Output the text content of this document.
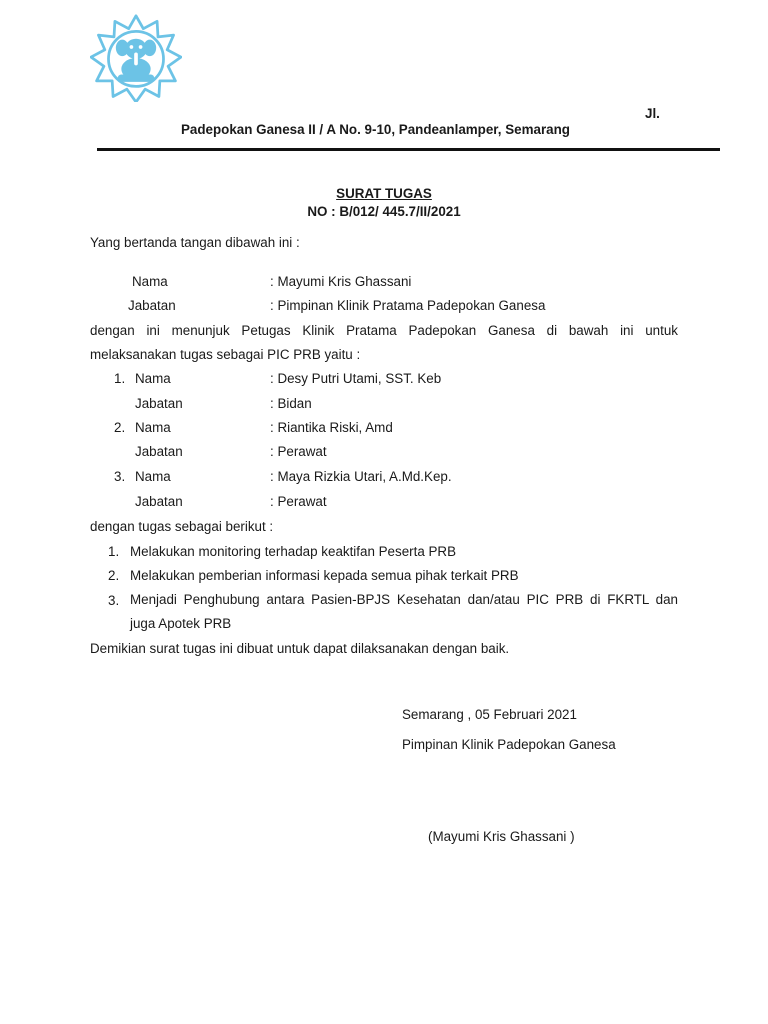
Jl.
Padepokan Ganesa II / A No. 9-10, Pandeanlamper, Semarang
SURAT TUGAS
NO : B/012/ 445.7/II/2021
Yang bertanda tangan dibawah ini :
Nama	: Mayumi Kris Ghassani
Jabatan	: Pimpinan Klinik Pratama Padepokan Ganesa
dengan ini menunjuk Petugas Klinik Pratama Padepokan Ganesa di bawah ini untuk
melaksanakan tugas sebagai PIC PRB yaitu :
1. Nama	: Desy Putri Utami, SST. Keb
Jabatan	: Bidan
2. Nama	: Riantika Riski, Amd
Jabatan	: Perawat
3. Nama	: Maya Rizkia Utari, A.Md.Kep.
Jabatan	: Perawat
dengan tugas sebagai berikut :
1. Melakukan monitoring terhadap keaktifan Peserta PRB
2. Melakukan pemberian informasi kepada semua pihak terkait PRB
3. Menjadi Penghubung antara Pasien-BPJS Kesehatan dan/atau PIC PRB di FKRTL dan
juga Apotek PRB
Demikian surat tugas ini dibuat untuk dapat dilaksanakan dengan baik.
Semarang , 05 Februari 2021
Pimpinan Klinik Padepokan Ganesa
(Mayumi Kris Ghassani )
